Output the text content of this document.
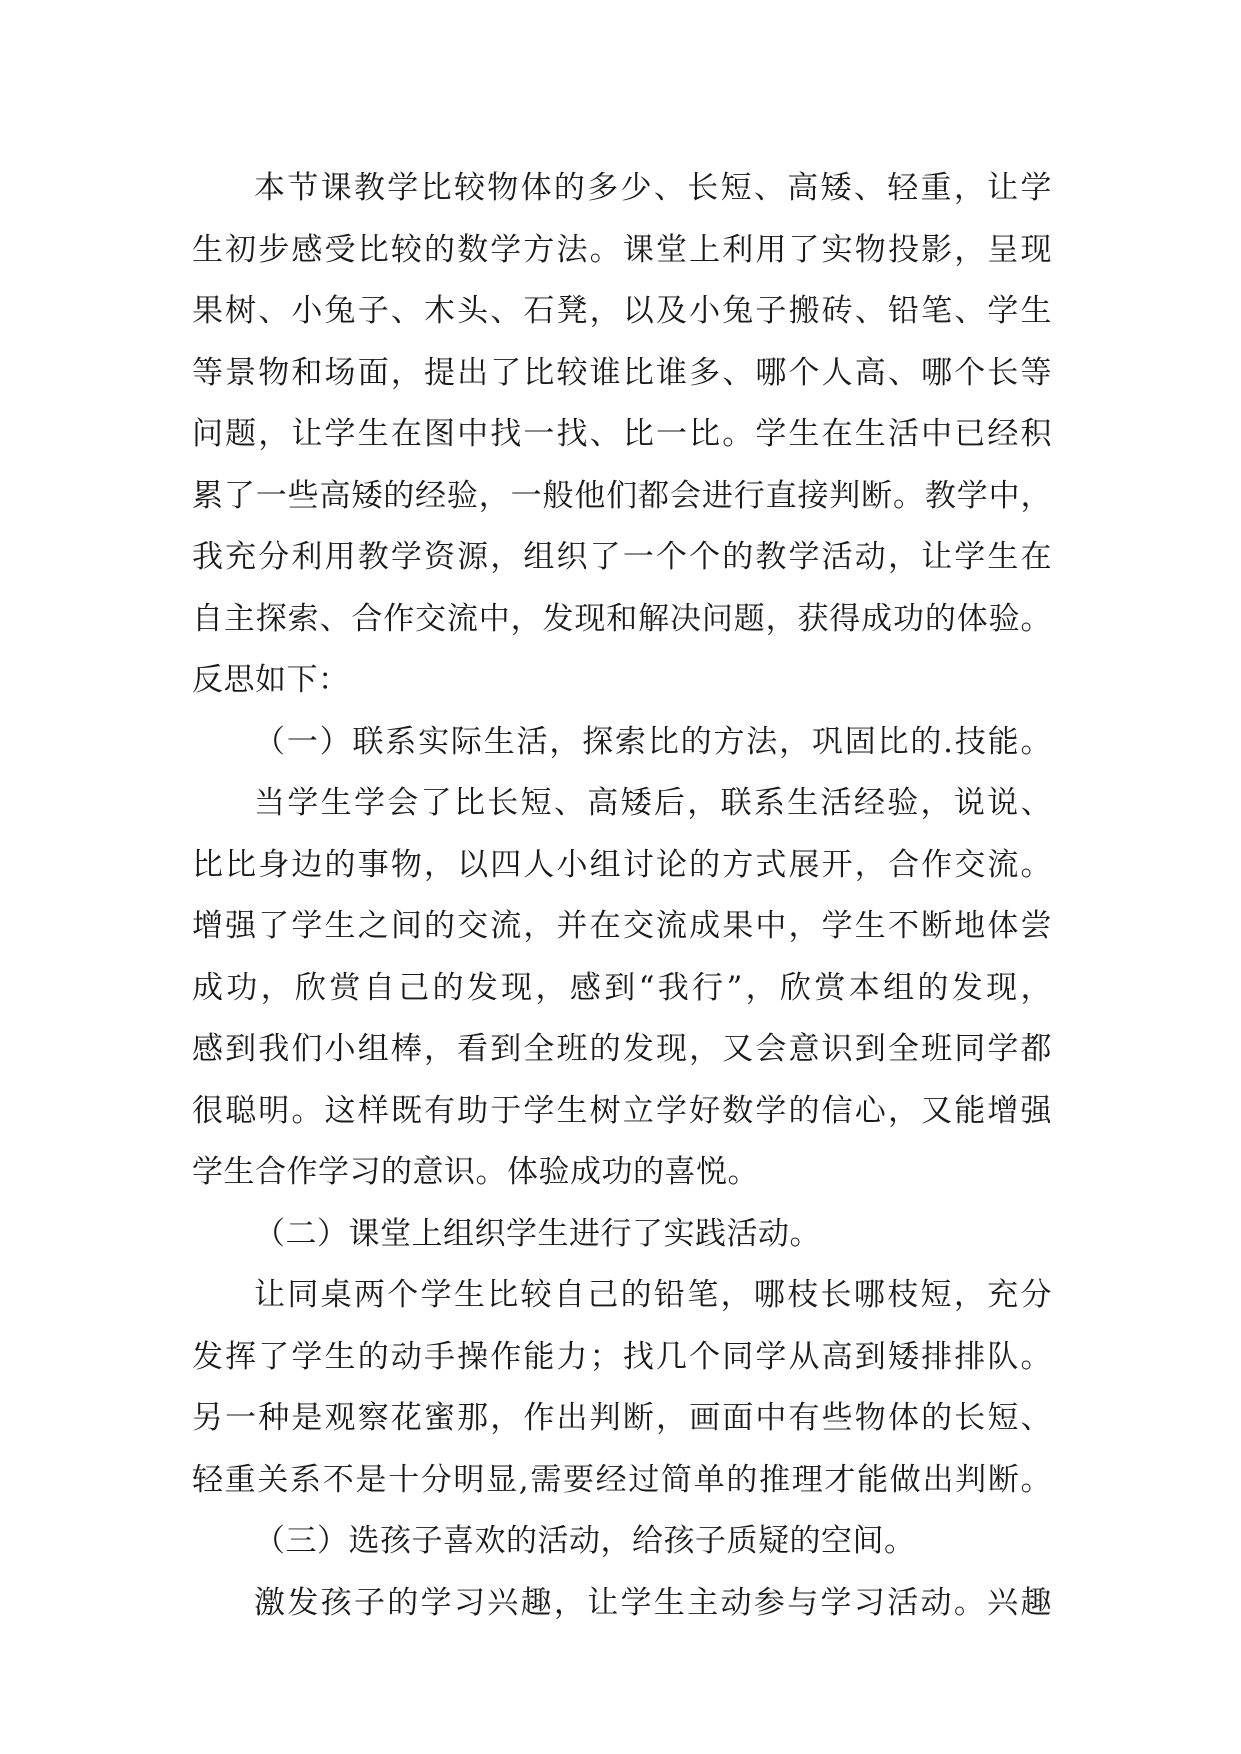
本节课教学比较物体的多少、长短、高矮、轻重，让学
生初步感受比较的数学方法。课堂上利用了实物投影，呈现
果树、小兔子、木头、石凳，以及小兔子搬砖、铅笔、学生
等景物和场面，提出了比较谁比谁多、哪个人高、哪个长等
问题，让学生在图中找一找、比一比。学生在生活中已经积
累了一些高矮的经验，一般他们都会进行直接判断。教学中，
我充分利用教学资源，组织了一个个的教学活动，让学生在
自主探索、合作交流中，发现和解决问题，获得成功的体验。
反思如下：
（一）联系实际生活，探索比的方法，巩固比的.技能。
当学生学会了比长短、高矮后，联系生活经验，说说、
比比身边的事物，以四人小组讨论的方式展开，合作交流。
增强了学生之间的交流，并在交流成果中，学生不断地体尝
成功，欣赏自己的发现，感到“我行”，欣赏本组的发现，
感到我们小组棒，看到全班的发现，又会意识到全班同学都
很聪明。这样既有助于学生树立学好数学的信心，又能增强
学生合作学习的意识。体验成功的喜悦。
（二）课堂上组织学生进行了实践活动。
让同桌两个学生比较自己的铅笔，哪枝长哪枝短，充分
发挥了学生的动手操作能力；找几个同学从高到矮排排队。
另一种是观察花蜜那，作出判断，画面中有些物体的长短、
轻重关系不是十分明显,需要经过简单的推理才能做出判断。
（三）选孩子喜欢的活动，给孩子质疑的空间。
激发孩子的学习兴趣，让学生主动参与学习活动。兴趣
